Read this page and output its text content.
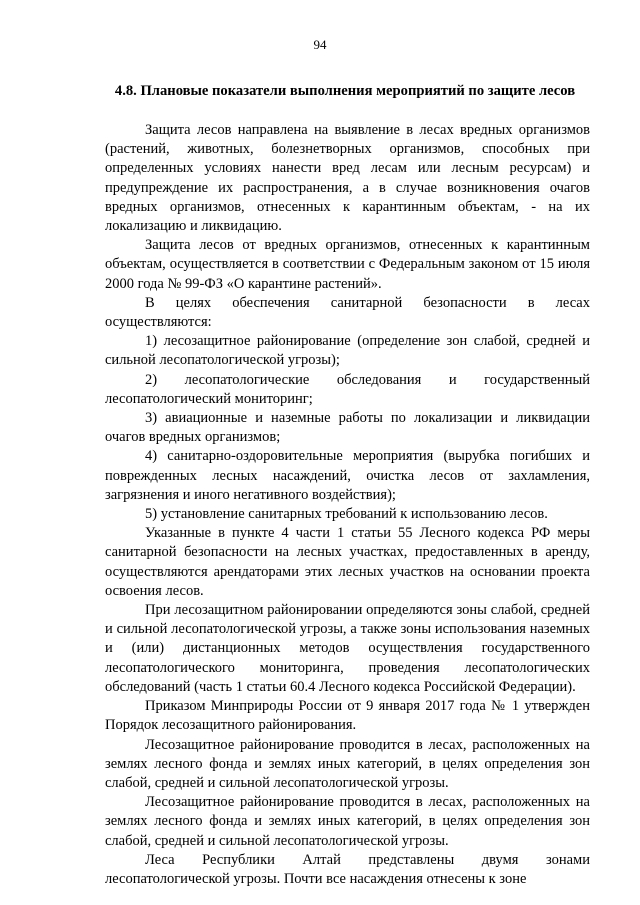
94
4.8. Плановые показатели выполнения мероприятий по защите лесов

Защита лесов направлена на выявление в лесах вредных организмов (растений, животных, болезнетворных организмов, способных при определенных условиях нанести вред лесам или лесным ресурсам) и предупреждение их распространения, а в случае возникновения очагов вредных организмов, отнесенных к карантинным объектам, - на их локализацию и ликвидацию.

Защита лесов от вредных организмов, отнесенных к карантинным объектам, осуществляется в соответствии с Федеральным законом от 15 июля 2000 года № 99-ФЗ «О карантине растений».

В целях обеспечения санитарной безопасности в лесах осуществляются:

1) лесозащитное районирование (определение зон слабой, средней и сильной лесопатологической угрозы);

2) лесопатологические обследования и государственный лесопатологический мониторинг;

3) авиационные и наземные работы по локализации и ликвидации очагов вредных организмов;

4) санитарно-оздоровительные мероприятия (вырубка погибших и поврежденных лесных насаждений, очистка лесов от захламления, загрязнения и иного негативного воздействия);

5) установление санитарных требований к использованию лесов.

Указанные в пункте 4 части 1 статьи 55 Лесного кодекса РФ меры санитарной безопасности на лесных участках, предоставленных в аренду, осуществляются арендаторами этих лесных участков на основании проекта освоения лесов.

При лесозащитном районировании определяются зоны слабой, средней и сильной лесопатологической угрозы, а также зоны использования наземных и (или) дистанционных методов осуществления государственного лесопатологического мониторинга, проведения лесопатологических обследований (часть 1 статьи 60.4 Лесного кодекса Российской Федерации).

Приказом Минприроды России от 9 января 2017 года № 1 утвержден Порядок лесозащитного районирования.

Лесозащитное районирование проводится в лесах, расположенных на землях лесного фонда и землях иных категорий, в целях определения зон слабой, средней и сильной лесопатологической угрозы.

Лесозащитное районирование проводится в лесах, расположенных на землях лесного фонда и землях иных категорий, в целях определения зон слабой, средней и сильной лесопатологической угрозы.

Леса Республики Алтай представлены двумя зонами лесопатологической угрозы. Почти все насаждения отнесены к зоне
